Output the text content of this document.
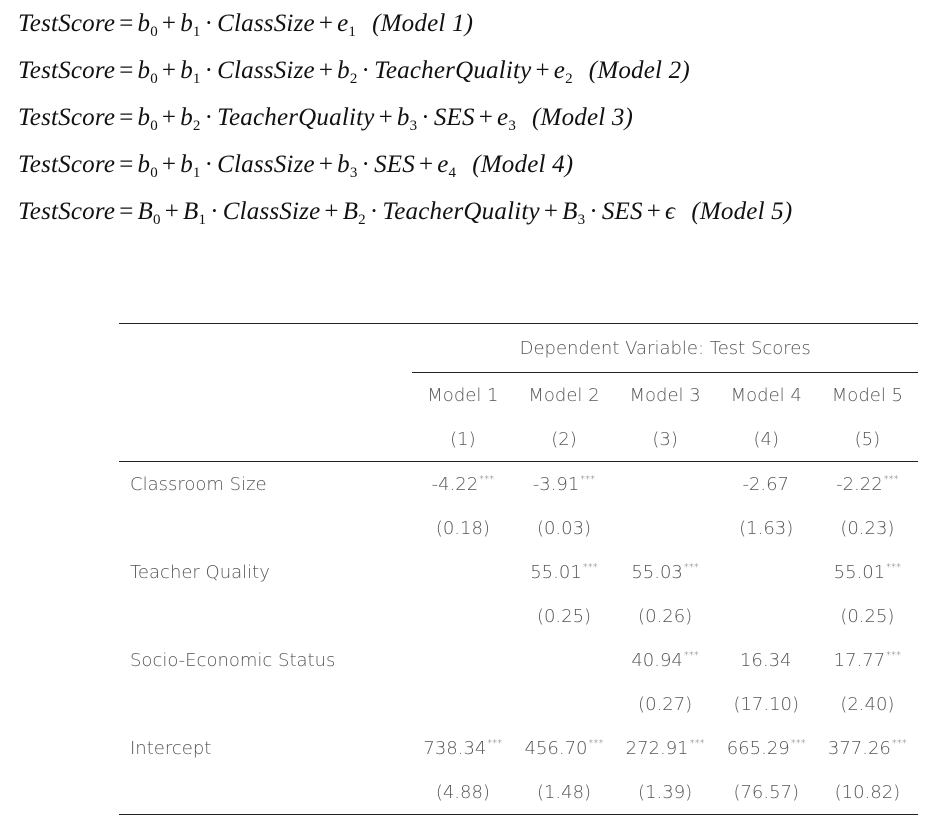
TestScore = $b_0 + b_1$ · ClassSize + $e_1$ (Model 1)
TestScore = $b_0 + b_1$ · ClassSize + $b_2$ · TeacherQuality + $e_2$ (Model 2)
TestScore = $b_0 + b_2$ · TeacherQuality + $b_3$ · SES + $e_3$ (Model 3)
TestScore = $b_0 + b_1$ · ClassSize + $b_3$ · SES + $e_4$ (Model 4)
TestScore = $B_0 + B_1$ · ClassSize + $B_2$ · TeacherQuality + $B_3$ · SES + ϵ (Model 5)
	Dependent Variable: Test Scores				
	Model 1	Model 2	Model 3	Model 4	Model 5
	(1)	(2)	(3)	(4)	(5)
Classroom Size	-4.22***	-3.91***		-2.67	-2.22***
	(0.18)	(0.03)		(1.63)	(0.23)
Teacher Quality		55.01***	55.03***		55.01***
		(0.25)	(0.26)		(0.25)
Socio-Economic Status			40.94***	16.34	17.77***
			(0.27)	(17.10)	(2.40)
Intercept	738.34***	456.70***	272.91***	665.29***	377.26***
	(4.88)	(1.48)	(1.39)	(76.57)	(10.82)
